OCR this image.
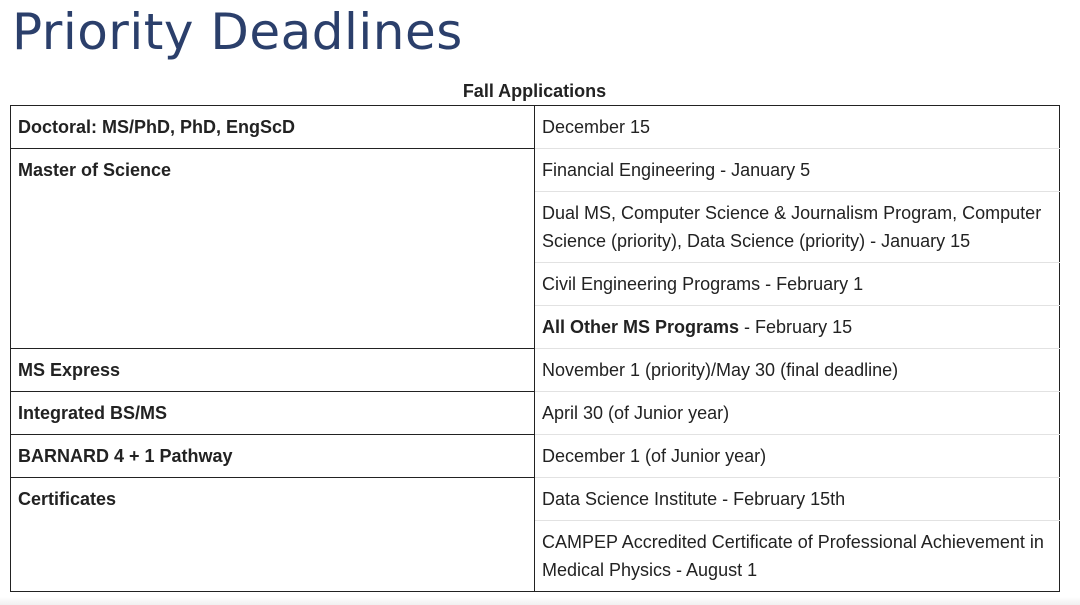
Priority Deadlines
Fall Applications
Doctoral: MS/PhD, PhD, EngScD	December 15
Master of Science	Financial Engineering - January 5
	Dual MS, Computer Science & Journalism Program, Computer Science (priority), Data Science (priority) - January 15
	Civil Engineering Programs - February 1
	All Other MS Programs - February 15
MS Express	November 1 (priority)/May 30 (final deadline)
Integrated BS/MS	April 30 (of Junior year)
BARNARD 4 + 1 Pathway	December 1 (of Junior year)
Certificates	Data Science Institute - February 15th
	CAMPEP Accredited Certificate of Professional Achievement in Medical Physics - August 1
